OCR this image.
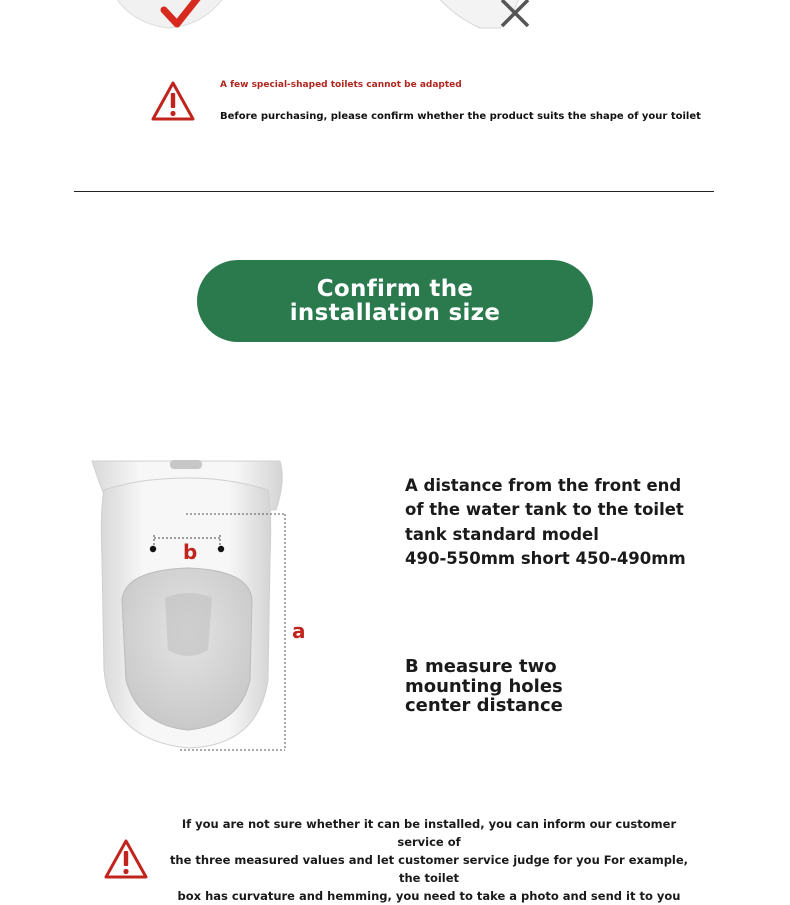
A few special-shaped toilets cannot be adapted
Before purchasing, please confirm whether the product suits the shape of your toilet
Confirm the installation size
b
a
A distance from the front end
of the water tank to the toilet
tank standard model
490-550mm short 450-490mm
B measure two
mounting holes
center distance
If you are not sure whether it can be installed, you can inform our customer service of
the three measured values and let customer service judge for you For example, the toilet
box has curvature and hemming, you need to take a photo and send it to you
